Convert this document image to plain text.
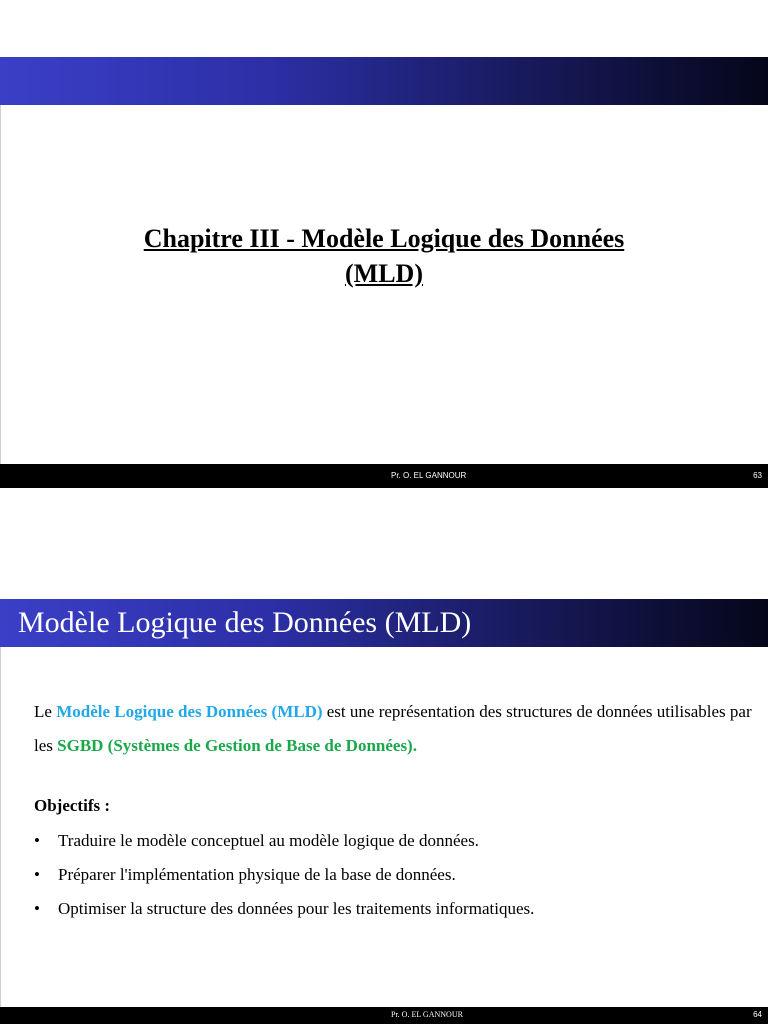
Chapitre III - Modèle Logique des Données
(MLD)
Pr. O. EL GANNOUR	63
Modèle Logique des Données (MLD)
Le Modèle Logique des Données (MLD) est une représentation des structures de données utilisables par les SGBD (Systèmes de Gestion de Base de Données).
Objectifs :
• Traduire le modèle conceptuel au modèle logique de données.
• Préparer l'implémentation physique de la base de données.
• Optimiser la structure des données pour les traitements informatiques.
Pr. O. EL GANNOUR	64
